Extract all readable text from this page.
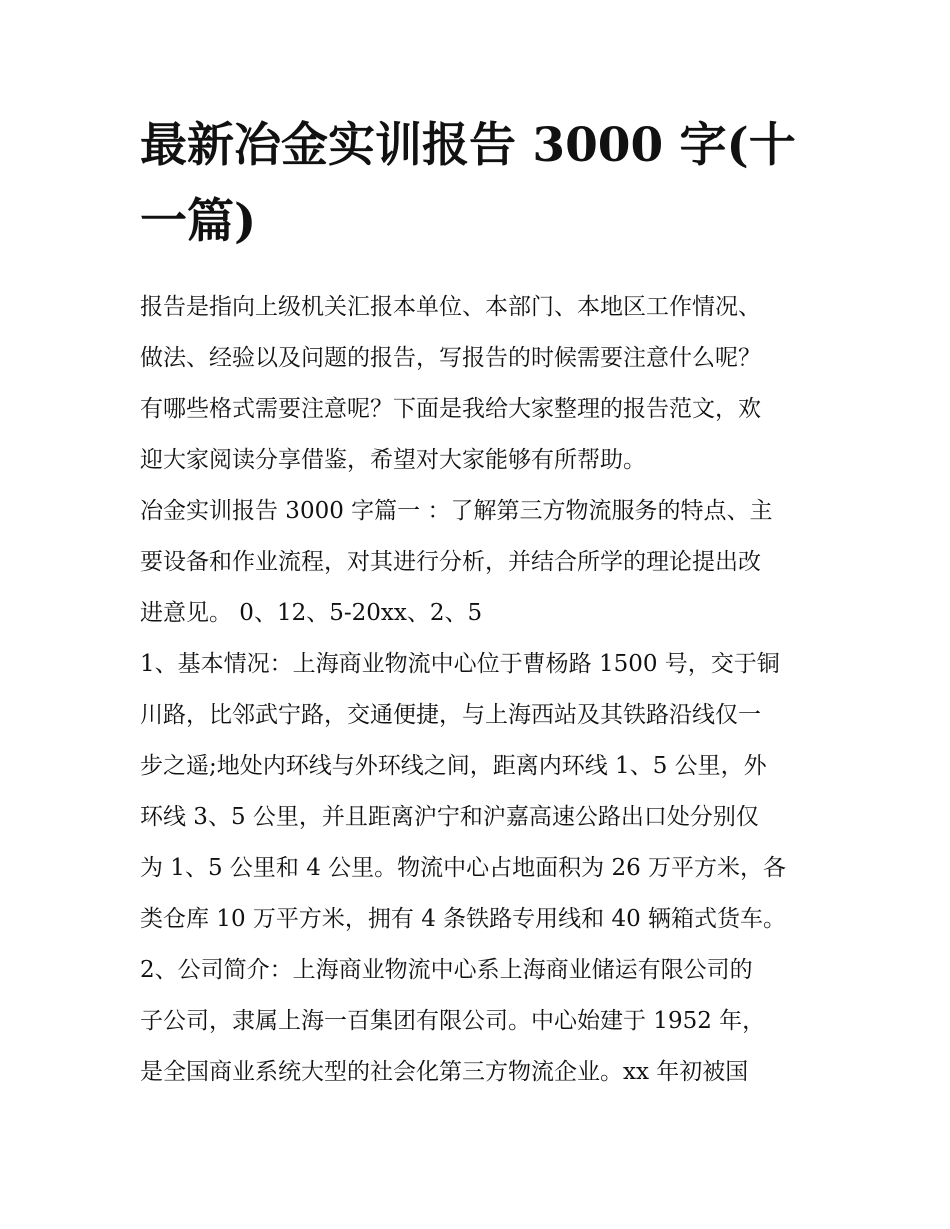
最新冶金实训报告 3000 字(十
一篇)
报告是指向上级机关汇报本单位、本部门、本地区工作情况、
做法、经验以及问题的报告，写报告的时候需要注意什么呢？
有哪些格式需要注意呢？下面是我给大家整理的报告范文，欢
迎大家阅读分享借鉴，希望对大家能够有所帮助。
冶金实训报告 3000 字篇一 ：了解第三方物流服务的特点、主
要设备和作业流程，对其进行分析，并结合所学的理论提出改
进意见。 0、12、5-20xx、2、5
1、基本情况：上海商业物流中心位于曹杨路 1500 号，交于铜
川路，比邻武宁路，交通便捷，与上海西站及其铁路沿线仅一
步之遥;地处内环线与外环线之间，距离内环线 1、5 公里，外
环线 3、5 公里，并且距离沪宁和沪嘉高速公路出口处分别仅
为 1、5 公里和 4 公里。物流中心占地面积为 26 万平方米，各
类仓库 10 万平方米，拥有 4 条铁路专用线和 40 辆箱式货车。
2、公司简介：上海商业物流中心系上海商业储运有限公司的
子公司，隶属上海一百集团有限公司。中心始建于 1952 年，
是全国商业系统大型的社会化第三方物流企业。xx 年初被国
